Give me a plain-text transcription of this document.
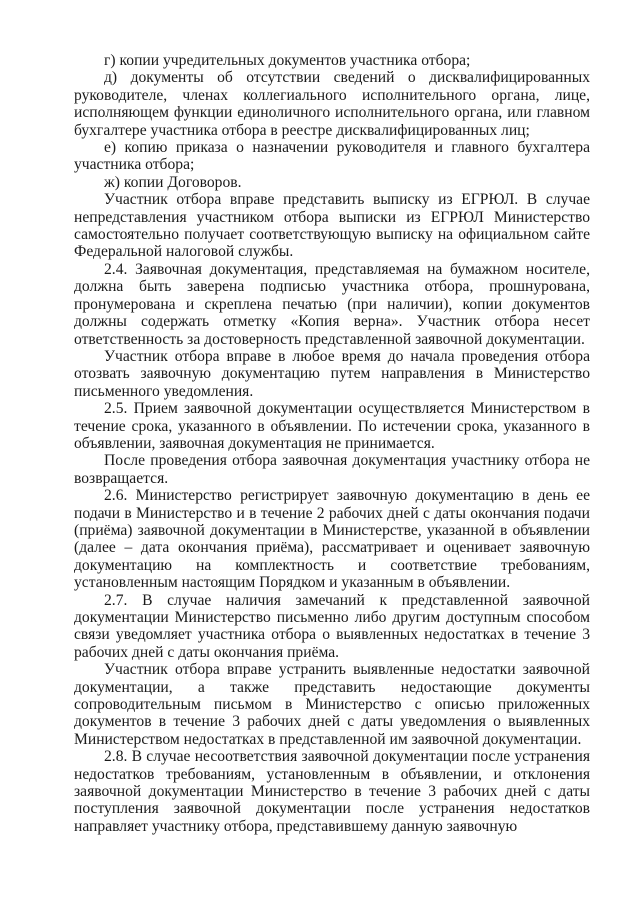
г) копии учредительных документов участника отбора;

д) документы об отсутствии сведений о дисквалифицированных руководителе, членах коллегиального исполнительного органа, лице, исполняющем функции единоличного исполнительного органа, или главном бухгалтере участника отбора в реестре дисквалифицированных лиц;

е) копию приказа о назначении руководителя и главного бухгалтера участника отбора;

ж) копии Договоров.

Участник отбора вправе представить выписку из ЕГРЮЛ. В случае непредставления участником отбора выписки из ЕГРЮЛ Министерство самостоятельно получает соответствующую выписку на официальном сайте Федеральной налоговой службы.

2.4. Заявочная документация, представляемая на бумажном носителе, должна быть заверена подписью участника отбора, прошнурована, пронумерована и скреплена печатью (при наличии), копии документов должны содержать отметку «Копия верна». Участник отбора несет ответственность за достоверность представленной заявочной документации.

Участник отбора вправе в любое время до начала проведения отбора отозвать заявочную документацию путем направления в Министерство письменного уведомления.

2.5. Прием заявочной документации осуществляется Министерством в течение срока, указанного в объявлении. По истечении срока, указанного в объявлении, заявочная документация не принимается.

После проведения отбора заявочная документация участнику отбора не возвращается.

2.6. Министерство регистрирует заявочную документацию в день ее подачи в Министерство и в течение 2 рабочих дней с даты окончания подачи (приёма) заявочной документации в Министерстве, указанной в объявлении (далее – дата окончания приёма), рассматривает и оценивает заявочную документацию на комплектность и соответствие требованиям, установленным настоящим Порядком и указанным в объявлении.

2.7. В случае наличия замечаний к представленной заявочной документации Министерство письменно либо другим доступным способом связи уведомляет участника отбора о выявленных недостатках в течение 3 рабочих дней с даты окончания приёма.

Участник отбора вправе устранить выявленные недостатки заявочной документации, а также представить недостающие документы сопроводительным письмом в Министерство с описью приложенных документов в течение 3 рабочих дней с даты уведомления о выявленных Министерством недостатках в представленной им заявочной документации.

2.8. В случае несоответствия заявочной документации после устранения недостатков требованиям, установленным в объявлении, и отклонения заявочной документации Министерство в течение 3 рабочих дней с даты поступления заявочной документации после устранения недостатков направляет участнику отбора, представившему данную заявочную
